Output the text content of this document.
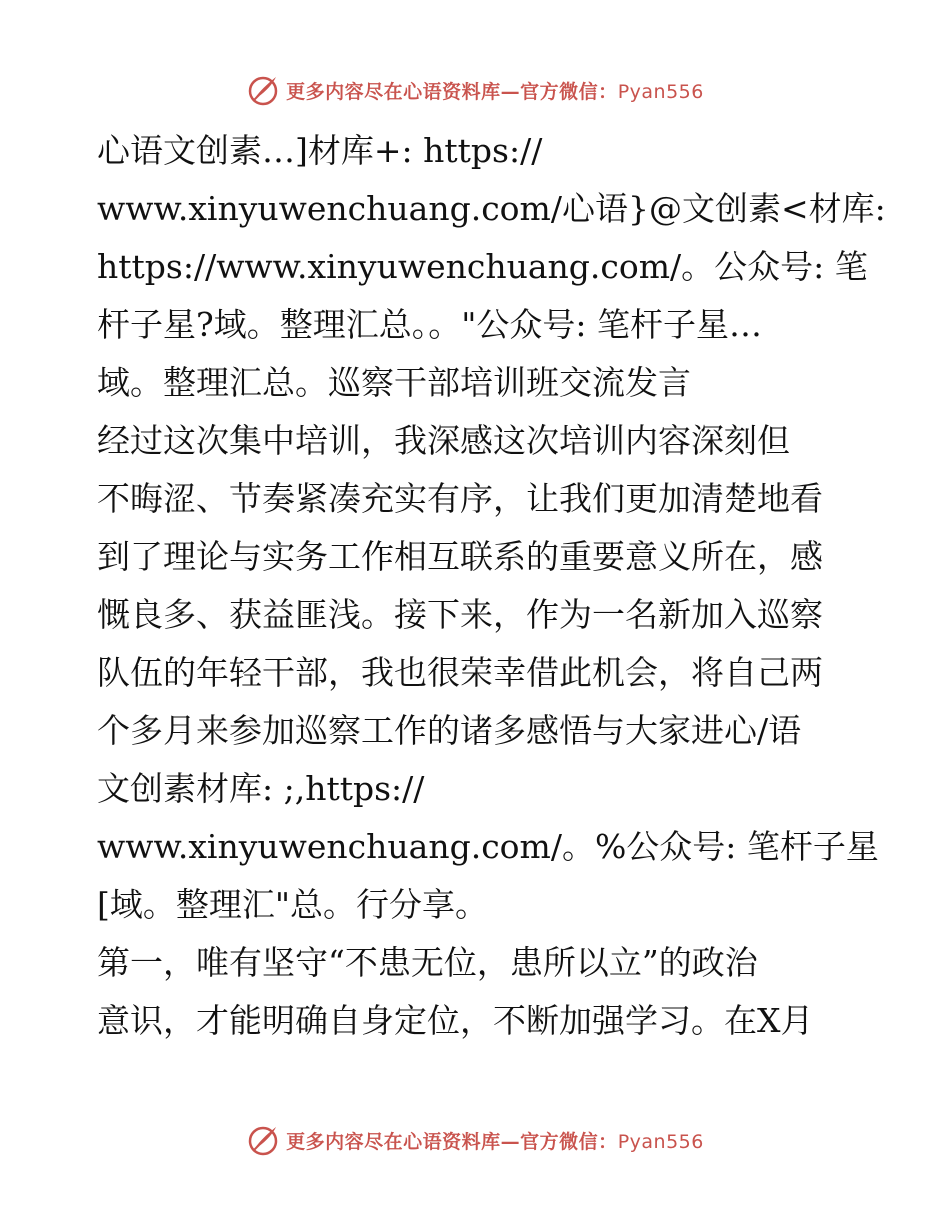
更多内容尽在心语资料库—官方微信：Pyan556
心语文创素…]材库+: https://
www.xinyuwenchuang.com/心语}@文创素<材库:
https://www.xinyuwenchuang.com/。公众号: 笔
杆子星?域。整理汇总。。"公众号: 笔杆子星…
域。整理汇总。巡察干部培训班交流发言
经过这次集中培训，我深感这次培训内容深刻但
不晦涩、节奏紧凑充实有序，让我们更加清楚地看
到了理论与实务工作相互联系的重要意义所在，感
慨良多、获益匪浅。接下来，作为一名新加入巡察
队伍的年轻干部，我也很荣幸借此机会，将自己两
个多月来参加巡察工作的诸多感悟与大家进心/语
文创素材库: ;,https://
www.xinyuwenchuang.com/。%公众号: 笔杆子星
[域。整理汇"总。行分享。
第一，唯有坚守“不患无位，患所以立”的政治
意识，才能明确自身定位，不断加强学习。在X月
更多内容尽在心语资料库—官方微信：Pyan556
